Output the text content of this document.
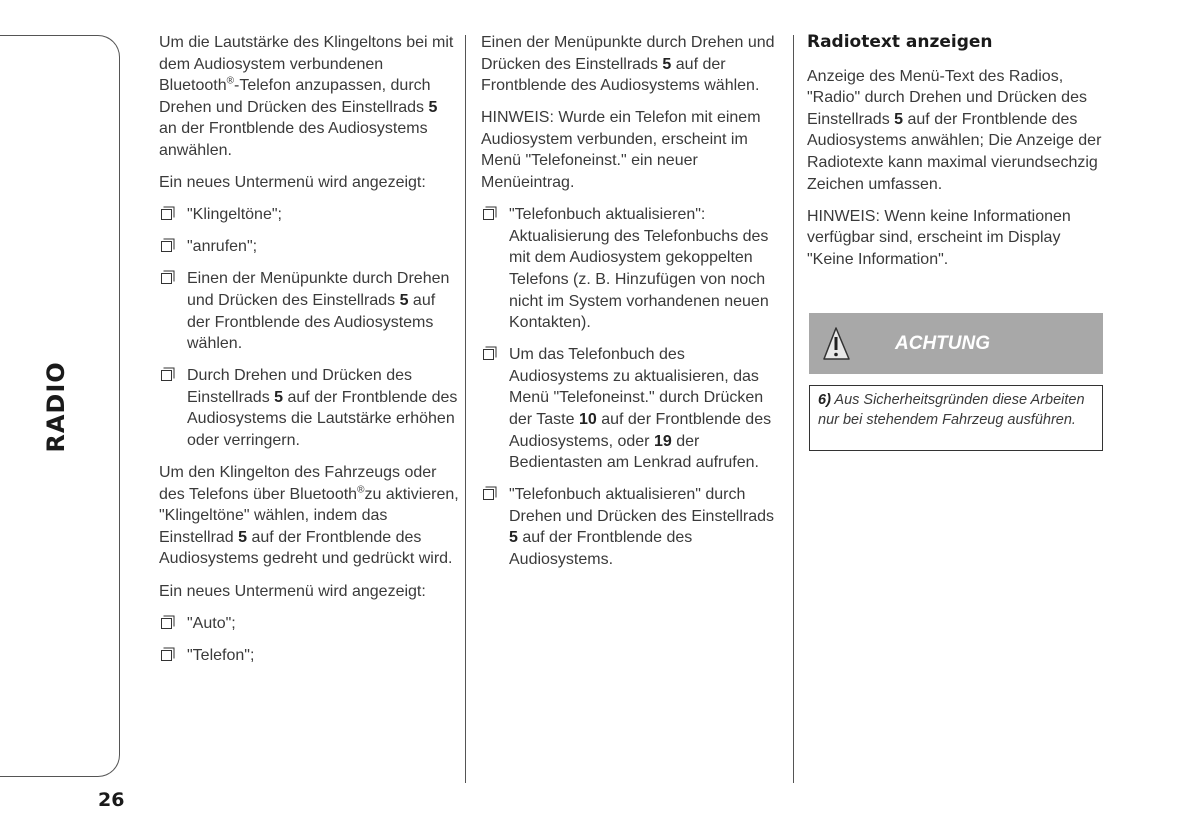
RADIO
26
Um die Lautstärke des Klingeltons bei mit dem Audiosystem verbundenen Bluetooth®-Telefon anzupassen, durch Drehen und Drücken des Einstellrads 5 an der Frontblende des Audiosystems anwählen.
Ein neues Untermenü wird angezeigt:
"Klingeltöne";
"anrufen";
Einen der Menüpunkte durch Drehen und Drücken des Einstellrads 5 auf der Frontblende des Audiosystems wählen.
Durch Drehen und Drücken des Einstellrads 5 auf der Frontblende des Audiosystems die Lautstärke erhöhen oder verringern.
Um den Klingelton des Fahrzeugs oder des Telefons über Bluetooth®zu aktivieren, "Klingeltöne" wählen, indem das Einstellrad 5 auf der Frontblende des Audiosystems gedreht und gedrückt wird.
Ein neues Untermenü wird angezeigt:
"Auto";
"Telefon";
Einen der Menüpunkte durch Drehen und Drücken des Einstellrads 5 auf der Frontblende des Audiosystems wählen.
HINWEIS: Wurde ein Telefon mit einem Audiosystem verbunden, erscheint im Menü "Telefoneinst." ein neuer Menüeintrag.
"Telefonbuch aktualisieren": Aktualisierung des Telefonbuchs des mit dem Audiosystem gekoppelten Telefons (z. B. Hinzufügen von noch nicht im System vorhandenen neuen Kontakten).
Um das Telefonbuch des Audiosystems zu aktualisieren, das Menü "Telefoneinst." durch Drücken der Taste 10 auf der Frontblende des Audiosystems, oder 19 der Bedientasten am Lenkrad aufrufen.
"Telefonbuch aktualisieren" durch Drehen und Drücken des Einstellrads 5 auf der Frontblende des Audiosystems.
Radiotext anzeigen
Anzeige des Menü-Text des Radios, "Radio" durch Drehen und Drücken des Einstellrads 5 auf der Frontblende des Audiosystems anwählen; Die Anzeige der Radiotexte kann maximal vierundsechzig Zeichen umfassen.
HINWEIS: Wenn keine Informationen verfügbar sind, erscheint im Display "Keine Information".
ACHTUNG
6) Aus Sicherheitsgründen diese Arbeiten nur bei stehendem Fahrzeug ausführen.
